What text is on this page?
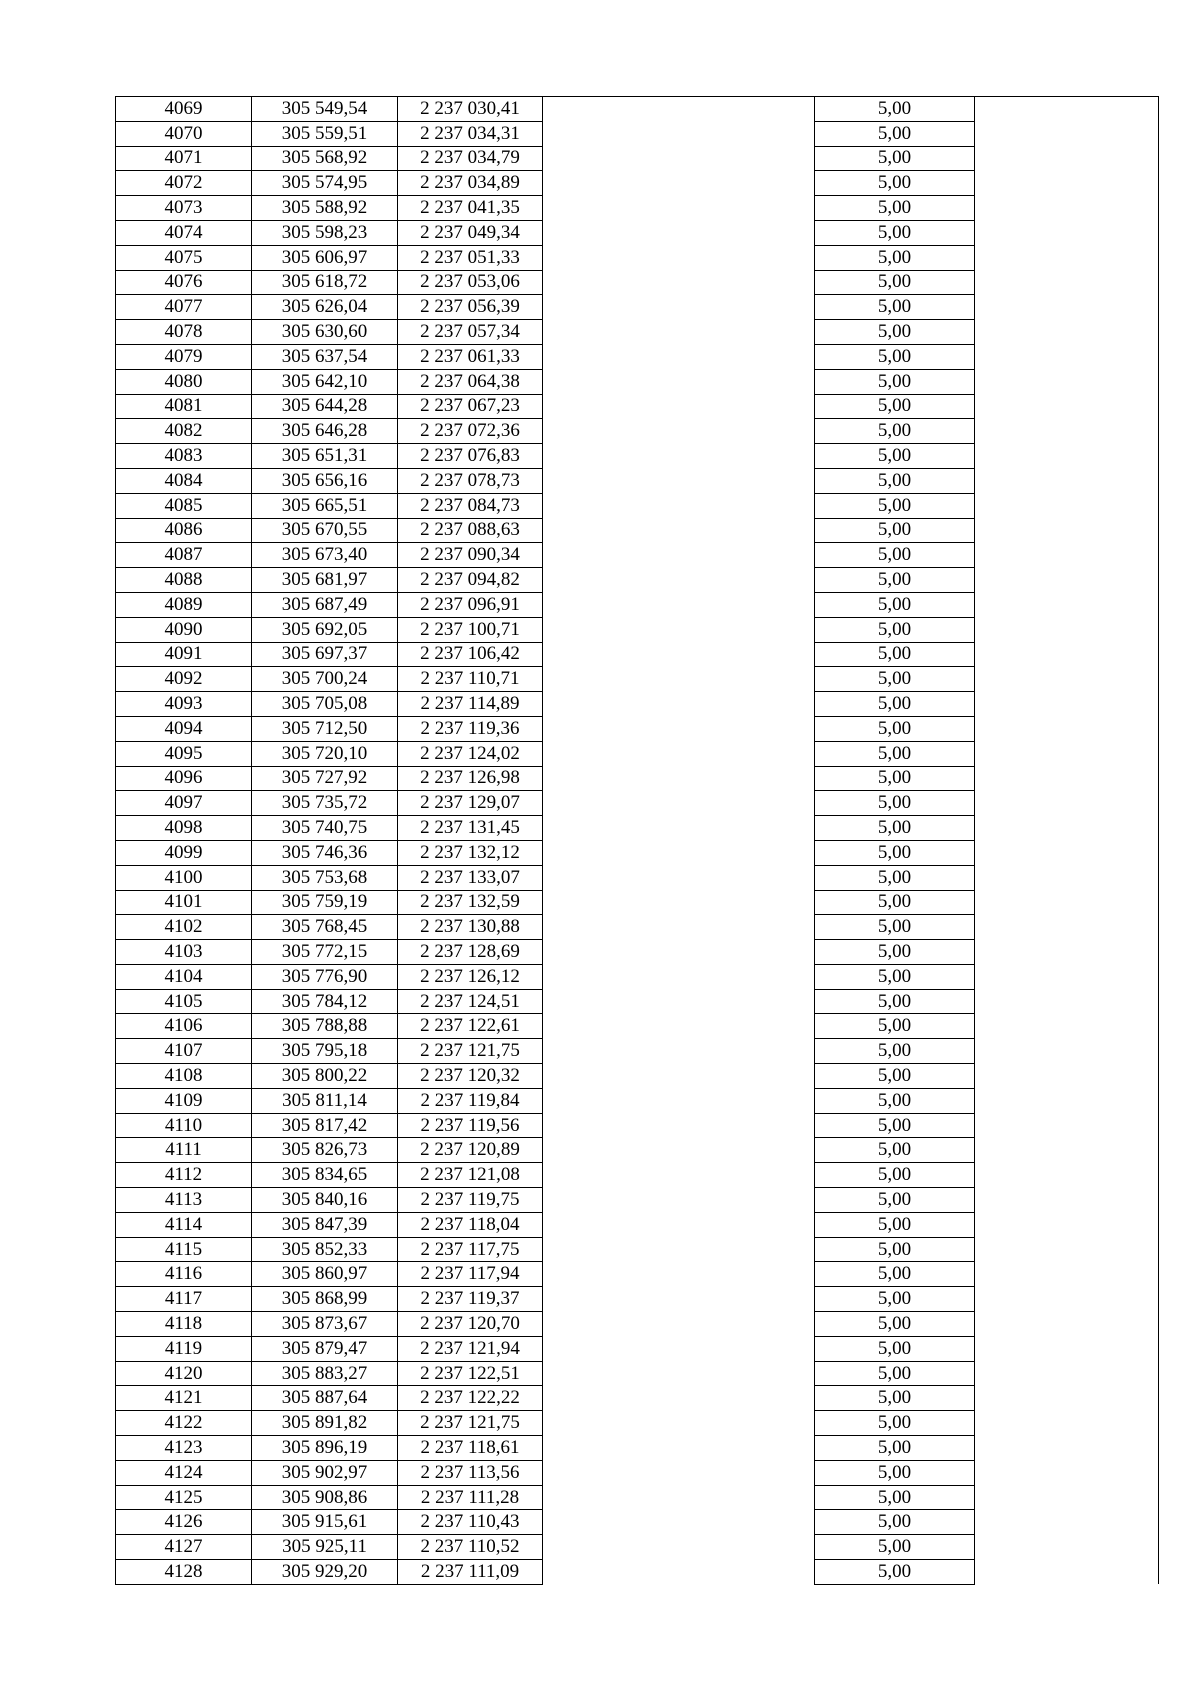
4069	305 549,54	2 237 030,41		5,00	
4070	305 559,51	2 237 034,31		5,00	
4071	305 568,92	2 237 034,79		5,00	
4072	305 574,95	2 237 034,89		5,00	
4073	305 588,92	2 237 041,35		5,00	
4074	305 598,23	2 237 049,34		5,00	
4075	305 606,97	2 237 051,33		5,00	
4076	305 618,72	2 237 053,06		5,00	
4077	305 626,04	2 237 056,39		5,00	
4078	305 630,60	2 237 057,34		5,00	
4079	305 637,54	2 237 061,33		5,00	
4080	305 642,10	2 237 064,38		5,00	
4081	305 644,28	2 237 067,23		5,00	
4082	305 646,28	2 237 072,36		5,00	
4083	305 651,31	2 237 076,83		5,00	
4084	305 656,16	2 237 078,73		5,00	
4085	305 665,51	2 237 084,73		5,00	
4086	305 670,55	2 237 088,63		5,00	
4087	305 673,40	2 237 090,34		5,00	
4088	305 681,97	2 237 094,82		5,00	
4089	305 687,49	2 237 096,91		5,00	
4090	305 692,05	2 237 100,71		5,00	
4091	305 697,37	2 237 106,42		5,00	
4092	305 700,24	2 237 110,71		5,00	
4093	305 705,08	2 237 114,89		5,00	
4094	305 712,50	2 237 119,36		5,00	
4095	305 720,10	2 237 124,02		5,00	
4096	305 727,92	2 237 126,98		5,00	
4097	305 735,72	2 237 129,07		5,00	
4098	305 740,75	2 237 131,45		5,00	
4099	305 746,36	2 237 132,12		5,00	
4100	305 753,68	2 237 133,07		5,00	
4101	305 759,19	2 237 132,59		5,00	
4102	305 768,45	2 237 130,88		5,00	
4103	305 772,15	2 237 128,69		5,00	
4104	305 776,90	2 237 126,12		5,00	
4105	305 784,12	2 237 124,51		5,00	
4106	305 788,88	2 237 122,61		5,00	
4107	305 795,18	2 237 121,75		5,00	
4108	305 800,22	2 237 120,32		5,00	
4109	305 811,14	2 237 119,84		5,00	
4110	305 817,42	2 237 119,56		5,00	
4111	305 826,73	2 237 120,89		5,00	
4112	305 834,65	2 237 121,08		5,00	
4113	305 840,16	2 237 119,75		5,00	
4114	305 847,39	2 237 118,04		5,00	
4115	305 852,33	2 237 117,75		5,00	
4116	305 860,97	2 237 117,94		5,00	
4117	305 868,99	2 237 119,37		5,00	
4118	305 873,67	2 237 120,70		5,00	
4119	305 879,47	2 237 121,94		5,00	
4120	305 883,27	2 237 122,51		5,00	
4121	305 887,64	2 237 122,22		5,00	
4122	305 891,82	2 237 121,75		5,00	
4123	305 896,19	2 237 118,61		5,00	
4124	305 902,97	2 237 113,56		5,00	
4125	305 908,86	2 237 111,28		5,00	
4126	305 915,61	2 237 110,43		5,00	
4127	305 925,11	2 237 110,52		5,00	
4128	305 929,20	2 237 111,09		5,00	
